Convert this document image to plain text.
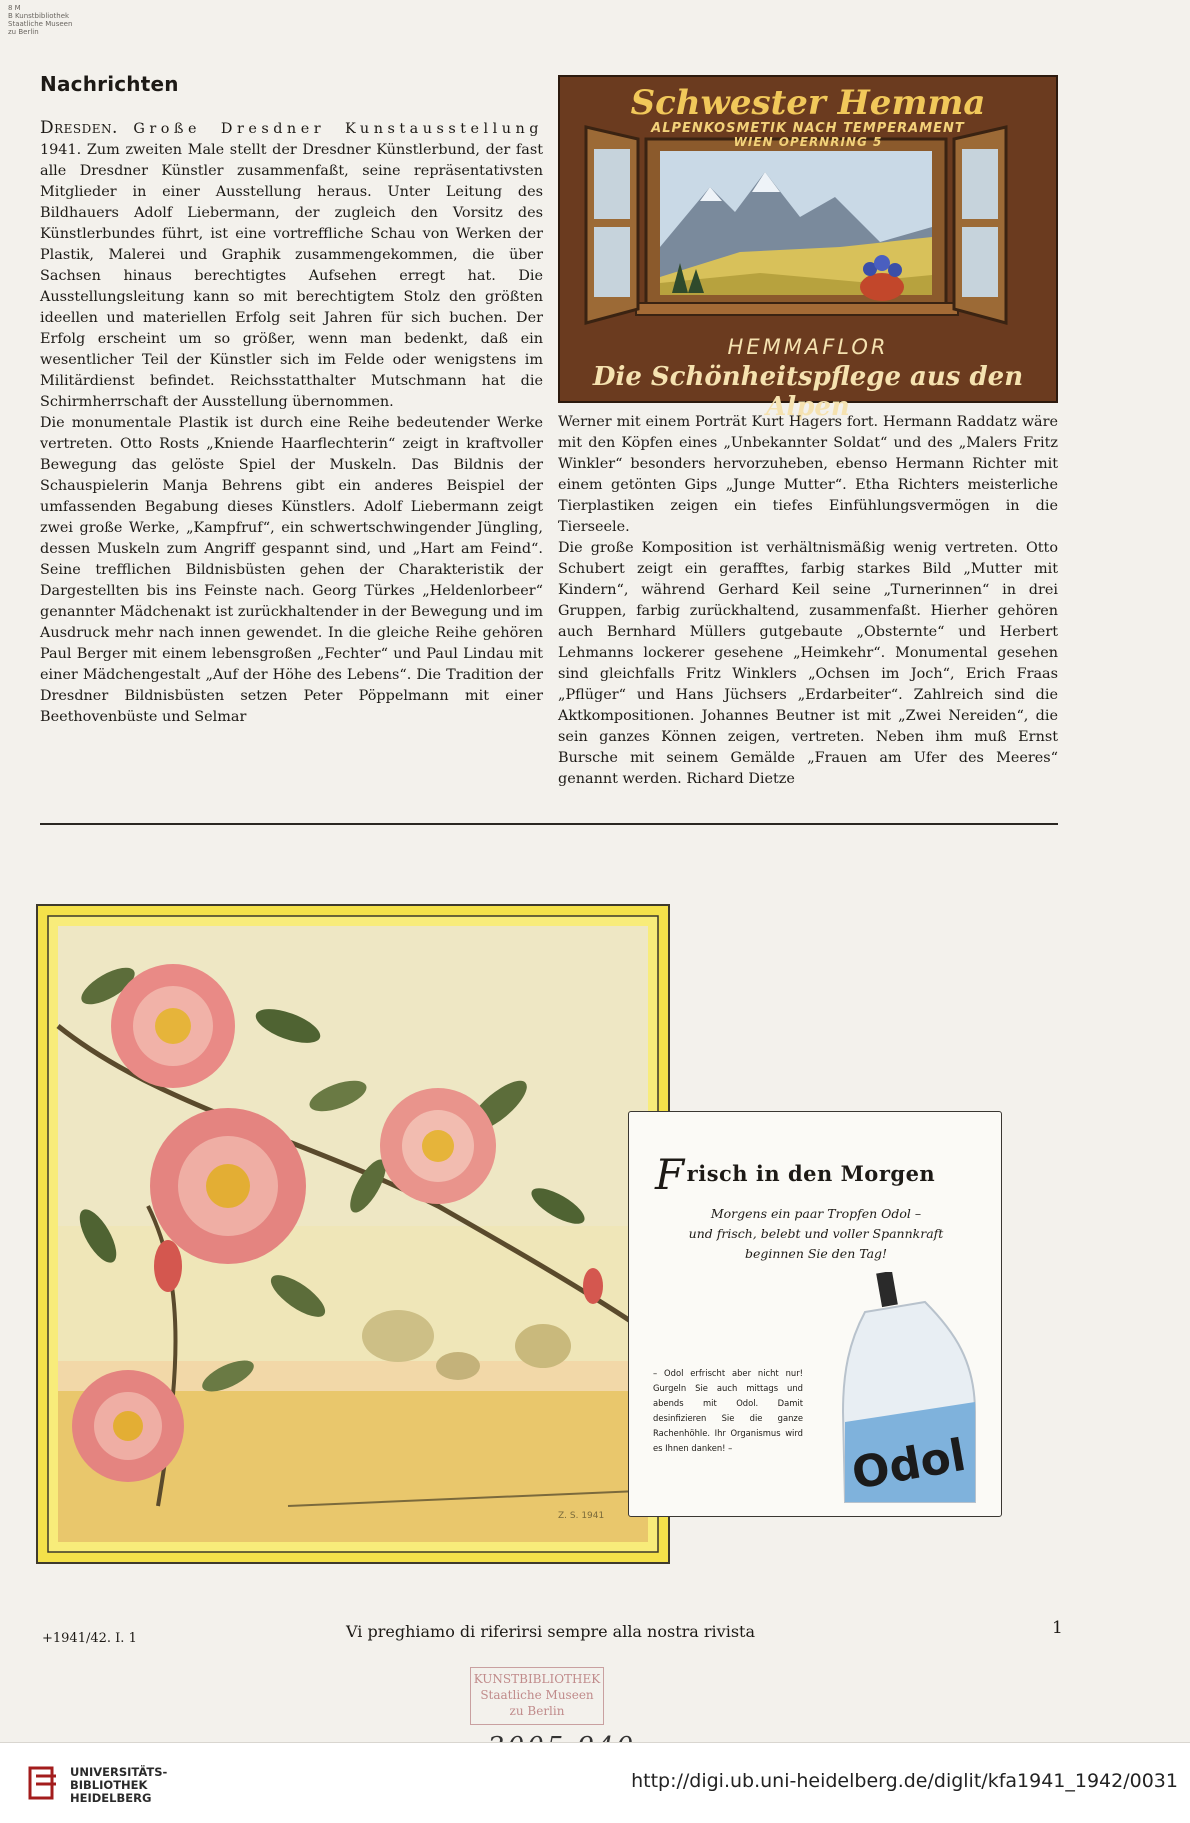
8 M
B Kunstbibliothek
Staatliche Museen
zu Berlin
Nachrichten

Dresden. Große Dresdner Kunstausstellung 1941. Zum zweiten Male stellt der Dresdner Künstlerbund, der fast alle Dresdner Künstler zusammenfaßt, seine repräsentativsten Mitglieder in einer Ausstellung heraus. Unter Leitung des Bildhauers Adolf Liebermann, der zugleich den Vorsitz des Künstlerbundes führt, ist eine vortreffliche Schau von Werken der Plastik, Malerei und Graphik zusammengekommen, die über Sachsen hinaus berechtigtes Aufsehen erregt hat. Die Ausstellungsleitung kann so mit berechtigtem Stolz den größten ideellen und materiellen Erfolg seit Jahren für sich buchen. Der Erfolg erscheint um so größer, wenn man bedenkt, daß ein wesentlicher Teil der Künstler sich im Felde oder wenigstens im Militärdienst befindet. Reichsstatthalter Mutschmann hat die Schirmherrschaft der Ausstellung übernommen.

Die monumentale Plastik ist durch eine Reihe bedeutender Werke vertreten. Otto Rosts „Kniende Haarflechterin“ zeigt in kraftvoller Bewegung das gelöste Spiel der Muskeln. Das Bildnis der Schauspielerin Manja Behrens gibt ein anderes Beispiel der umfassenden Begabung dieses Künstlers. Adolf Liebermann zeigt zwei große Werke, „Kampfruf“, ein schwertschwingender Jüngling, dessen Muskeln zum Angriff gespannt sind, und „Hart am Feind“. Seine trefflichen Bildnisbüsten gehen der Charakteristik der Dargestellten bis ins Feinste nach. Georg Türkes „Heldenlorbeer“ genannter Mädchenakt ist zurückhaltender in der Bewegung und im Ausdruck mehr nach innen gewendet. In die gleiche Reihe gehören Paul Berger mit einem lebensgroßen „Fechter“ und Paul Lindau mit einer Mädchengestalt „Auf der Höhe des Lebens“. Die Tradition der Dresdner Bildnisbüsten setzen Peter Pöppelmann mit einer Beethovenbüste und Selmar

Schwester Hemma
ALPENKOSMETIK NACH TEMPERAMENT
WIEN OPERNRING 5
HEMMAFLOR
Die Schönheitspflege aus den Alpen

Werner mit einem Porträt Kurt Hagers fort. Hermann Raddatz wäre mit den Köpfen eines „Unbekannter Soldat“ und des „Malers Fritz Winkler“ besonders hervorzuheben, ebenso Hermann Richter mit einem getönten Gips „Junge Mutter“. Etha Richters meisterliche Tierplastiken zeigen ein tiefes Einfühlungsvermögen in die Tierseele.

Die große Komposition ist verhältnismäßig wenig vertreten. Otto Schubert zeigt ein gerafftes, farbig starkes Bild „Mutter mit Kindern“, während Gerhard Keil seine „Turnerinnen“ in drei Gruppen, farbig zurückhaltend, zusammenfaßt. Hierher gehören auch Bernhard Müllers gutgebaute „Obsternte“ und Herbert Lehmanns lockerer gesehene „Heimkehr“. Monumental gesehen sind gleichfalls Fritz Winklers „Ochsen im Joch“, Erich Fraas „Pflüger“ und Hans Jüchsers „Erdarbeiter“. Zahlreich sind die Aktkompositionen. Johannes Beutner ist mit „Zwei Nereiden“, die sein ganzes Können zeigen, vertreten. Neben ihm muß Ernst Bursche mit seinem Gemälde „Frauen am Ufer des Meeres“ genannt werden. Richard Dietze

Z. S. 1941
Frisch in den Morgen
Morgens ein paar Tropfen Odol –
und frisch, belebt und voller Spannkraft
beginnen Sie den Tag!
– Odol erfrischt aber nicht nur! Gurgeln Sie auch mittags und abends mit Odol. Damit desinfizieren Sie die ganze Rachenhöhle. Ihr Organismus wird es Ihnen danken! –	Odol
+1941/42. I. 1	Vi preghiamo di riferirsi sempre alla nostra rivista	1
KUNSTBIBLIOTHEK
Staatliche Museen
zu Berlin
UNIVERSITÄTS-
BIBLIOTHEK
HEIDELBERG
http://digi.ub.uni-heidelberg.de/diglit/kfa1941_1942/0031
